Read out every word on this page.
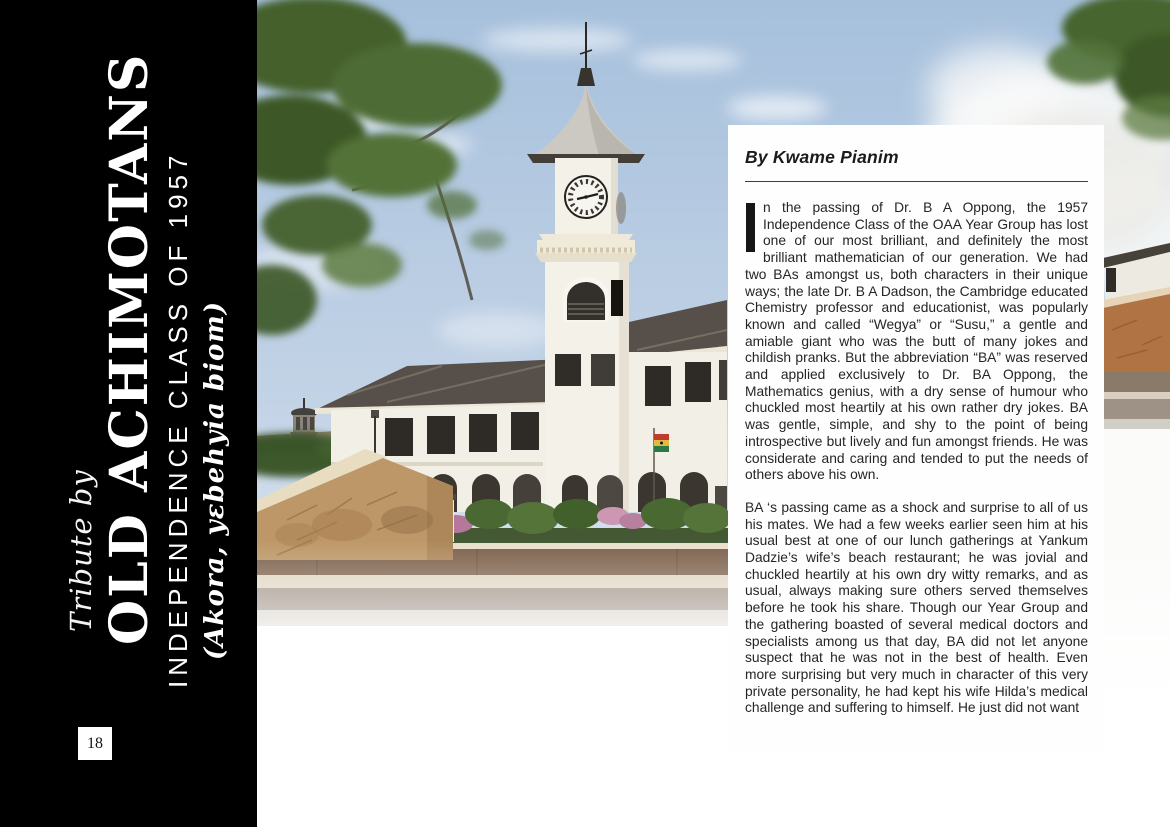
Tribute by OLD ACHIMOTANS INDEPENDENCE CLASS OF 1957 (Akora, yɛbehyia biom)
18
By Kwame Pianim

n the passing of Dr. B A Oppong, the 1957 Independence Class of the OAA Year Group has lost one of our most brilliant, and definitely the most brilliant mathematician of our generation. We had two BAs amongst us, both characters in their unique ways; the late Dr. B A Dadson, the Cambridge educated Chemistry professor and educationist, was popularly known and called “Wegya” or “Susu,” a gentle and amiable giant who was the butt of many jokes and childish pranks. But the abbreviation “BA” was reserved and applied exclusively to Dr. BA Oppong, the Mathematics genius, with a dry sense of humour who chuckled most heartily at his own rather dry jokes. BA was gentle, simple, and shy to the point of being introspective but lively and fun amongst friends. He was considerate and caring and tended to put the needs of others above his own.

BA ‘s passing came as a shock and surprise to all of us his mates. We had a few weeks earlier seen him at his usual best at one of our lunch gatherings at Yankum Dadzie’s wife’s beach restaurant; he was jovial and chuckled heartily at his own dry witty remarks, and as usual, always making sure others served themselves before he took his share. Though our Year Group and the gathering boasted of several medical doctors and specialists among us that day, BA did not let anyone suspect that he was not in the best of health. Even more surprising but very much in character of this very private personality, he had kept his wife Hilda’s medical challenge and suffering to himself. He just did not want
